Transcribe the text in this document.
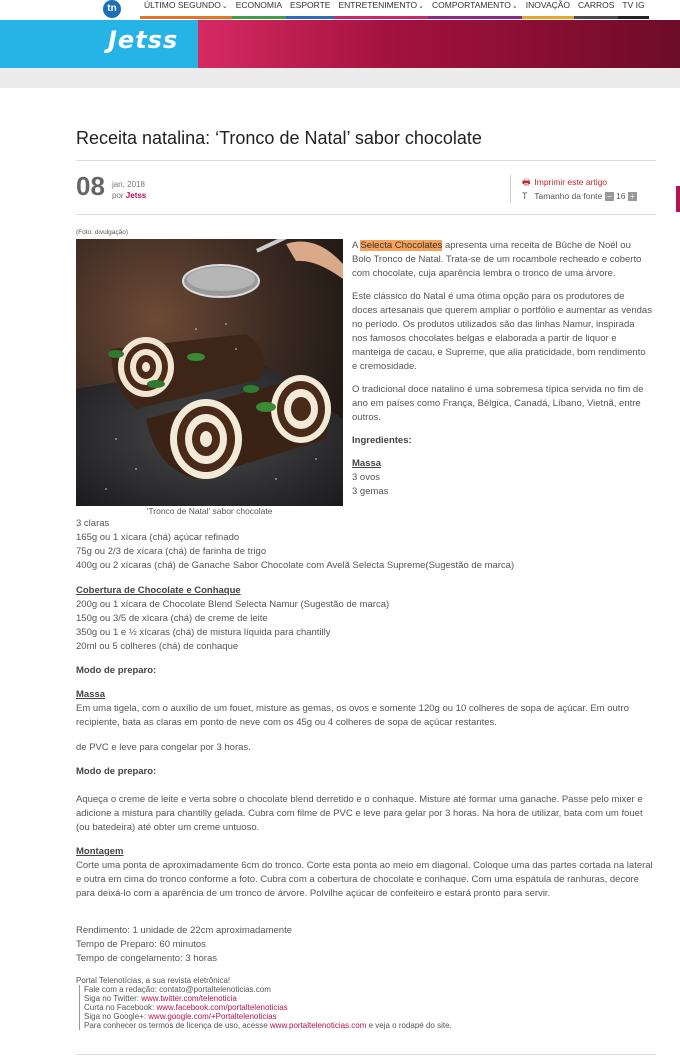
tn	ÚLTIMO SEGUNDO⌄ ECONOMIA ESPORTE ENTRETENIMENTO⌄ COMPORTAMENTO⌄ INOVAÇÃO CARROS TV IG
Jetss
Receita natalina: ‘Tronco de Natal’ sabor chocolate
08 jan, 2018
por Jetss
🖶 Imprimir este artigo
T Tamanho da fonte − 16 +
(Foto: divulgação)
‘Tronco de Natal’ sabor chocolate

A Selecta Chocolates apresenta uma receita de Bûche de Noël ou Bolo Tronco de Natal. Trata-se de um rocambole recheado e coberto com chocolate, cuja aparência lembra o tronco de uma árvore.

Este clássico do Natal é uma ótima opção para os produtores de doces artesanais que querem ampliar o portfólio e aumentar as vendas no período. Os produtos utilizados são das linhas Namur, inspirada nos famosos chocolates belgas e elaborada a partir de liquor e manteiga de cacau, e Supreme, que alia praticidade, bom rendimento e cremosidade.

O tradicional doce natalino é uma sobremesa típica servida no fim de ano em países como França, Bélgica, Canadá, Líbano, Vietnã, entre outros.

Ingredientes:

Massa
3 ovos
3 gemas
3 claras
165g ou 1 xícara (chá) açúcar refinado
75g ou 2/3 de xícara (chá) de farinha de trigo
400g ou 2 xícaras (chá) de Ganache Sabor Chocolate com Avelã Selecta Supreme(Sugestão de marca)
Cobertura de Chocolate e Conhaque
200g ou 1 xícara de Chocolate Blend Selecta Namur (Sugestão de marca)
150g ou 3/5 de xícara (chá) de creme de leite
350g ou 1 e ½ xícaras (chá) de mistura líquida para chantilly
20ml ou 5 colheres (chá) de conhaque
Modo de preparo:
Massa
Em uma tigela, com o auxílio de um fouet, misture as gemas, os ovos e somente 120g ou 10 colheres de sopa de açúcar. Em outro recipiente, bata as claras em ponto de neve com os 45g ou 4 colheres de sopa de açúcar restantes.
de PVC e leve para congelar por 3 horas.
Modo de preparo:
Aqueça o creme de leite e verta sobre o chocolate blend derretido e o conhaque. Misture até formar uma ganache. Passe pelo mixer e adicione a mistura para chantilly gelada. Cubra com filme de PVC e leve para gelar por 3 horas. Na hora de utilizar, bata com um fouet (ou batedeira) até obter um creme untuoso.
Montagem
Corte uma ponta de aproximadamente 6cm do tronco. Corte esta ponta ao meio em diagonal. Coloque uma das partes cortada na lateral e outra em cima do tronco conforme a foto. Cubra com a cobertura de chocolate e conhaque. Com uma espátula de ranhuras, decore para deixá-lo com a aparência de um tronco de árvore. Polvilhe açúcar de confeiteiro e estará pronto para servir.
Rendimento: 1 unidade de 22cm aproximadamente
Tempo de Preparo: 60 minutos
Tempo de congelamento: 3 horas
Portal Telenotícias, a sua revista eletrônica!
Fale com a redação: contato@portaltelenoticias.com
Siga no Twitter: www.twitter.com/telenoticia
Curta no Facebook: www.facebook.com/portaltelenoticias
Siga no Google+: www.google.com/+Portaltelenoticias
Para conhecer os termos de licença de uso, acesse www.portaltelenoticias.com e veja o rodapé do site.
